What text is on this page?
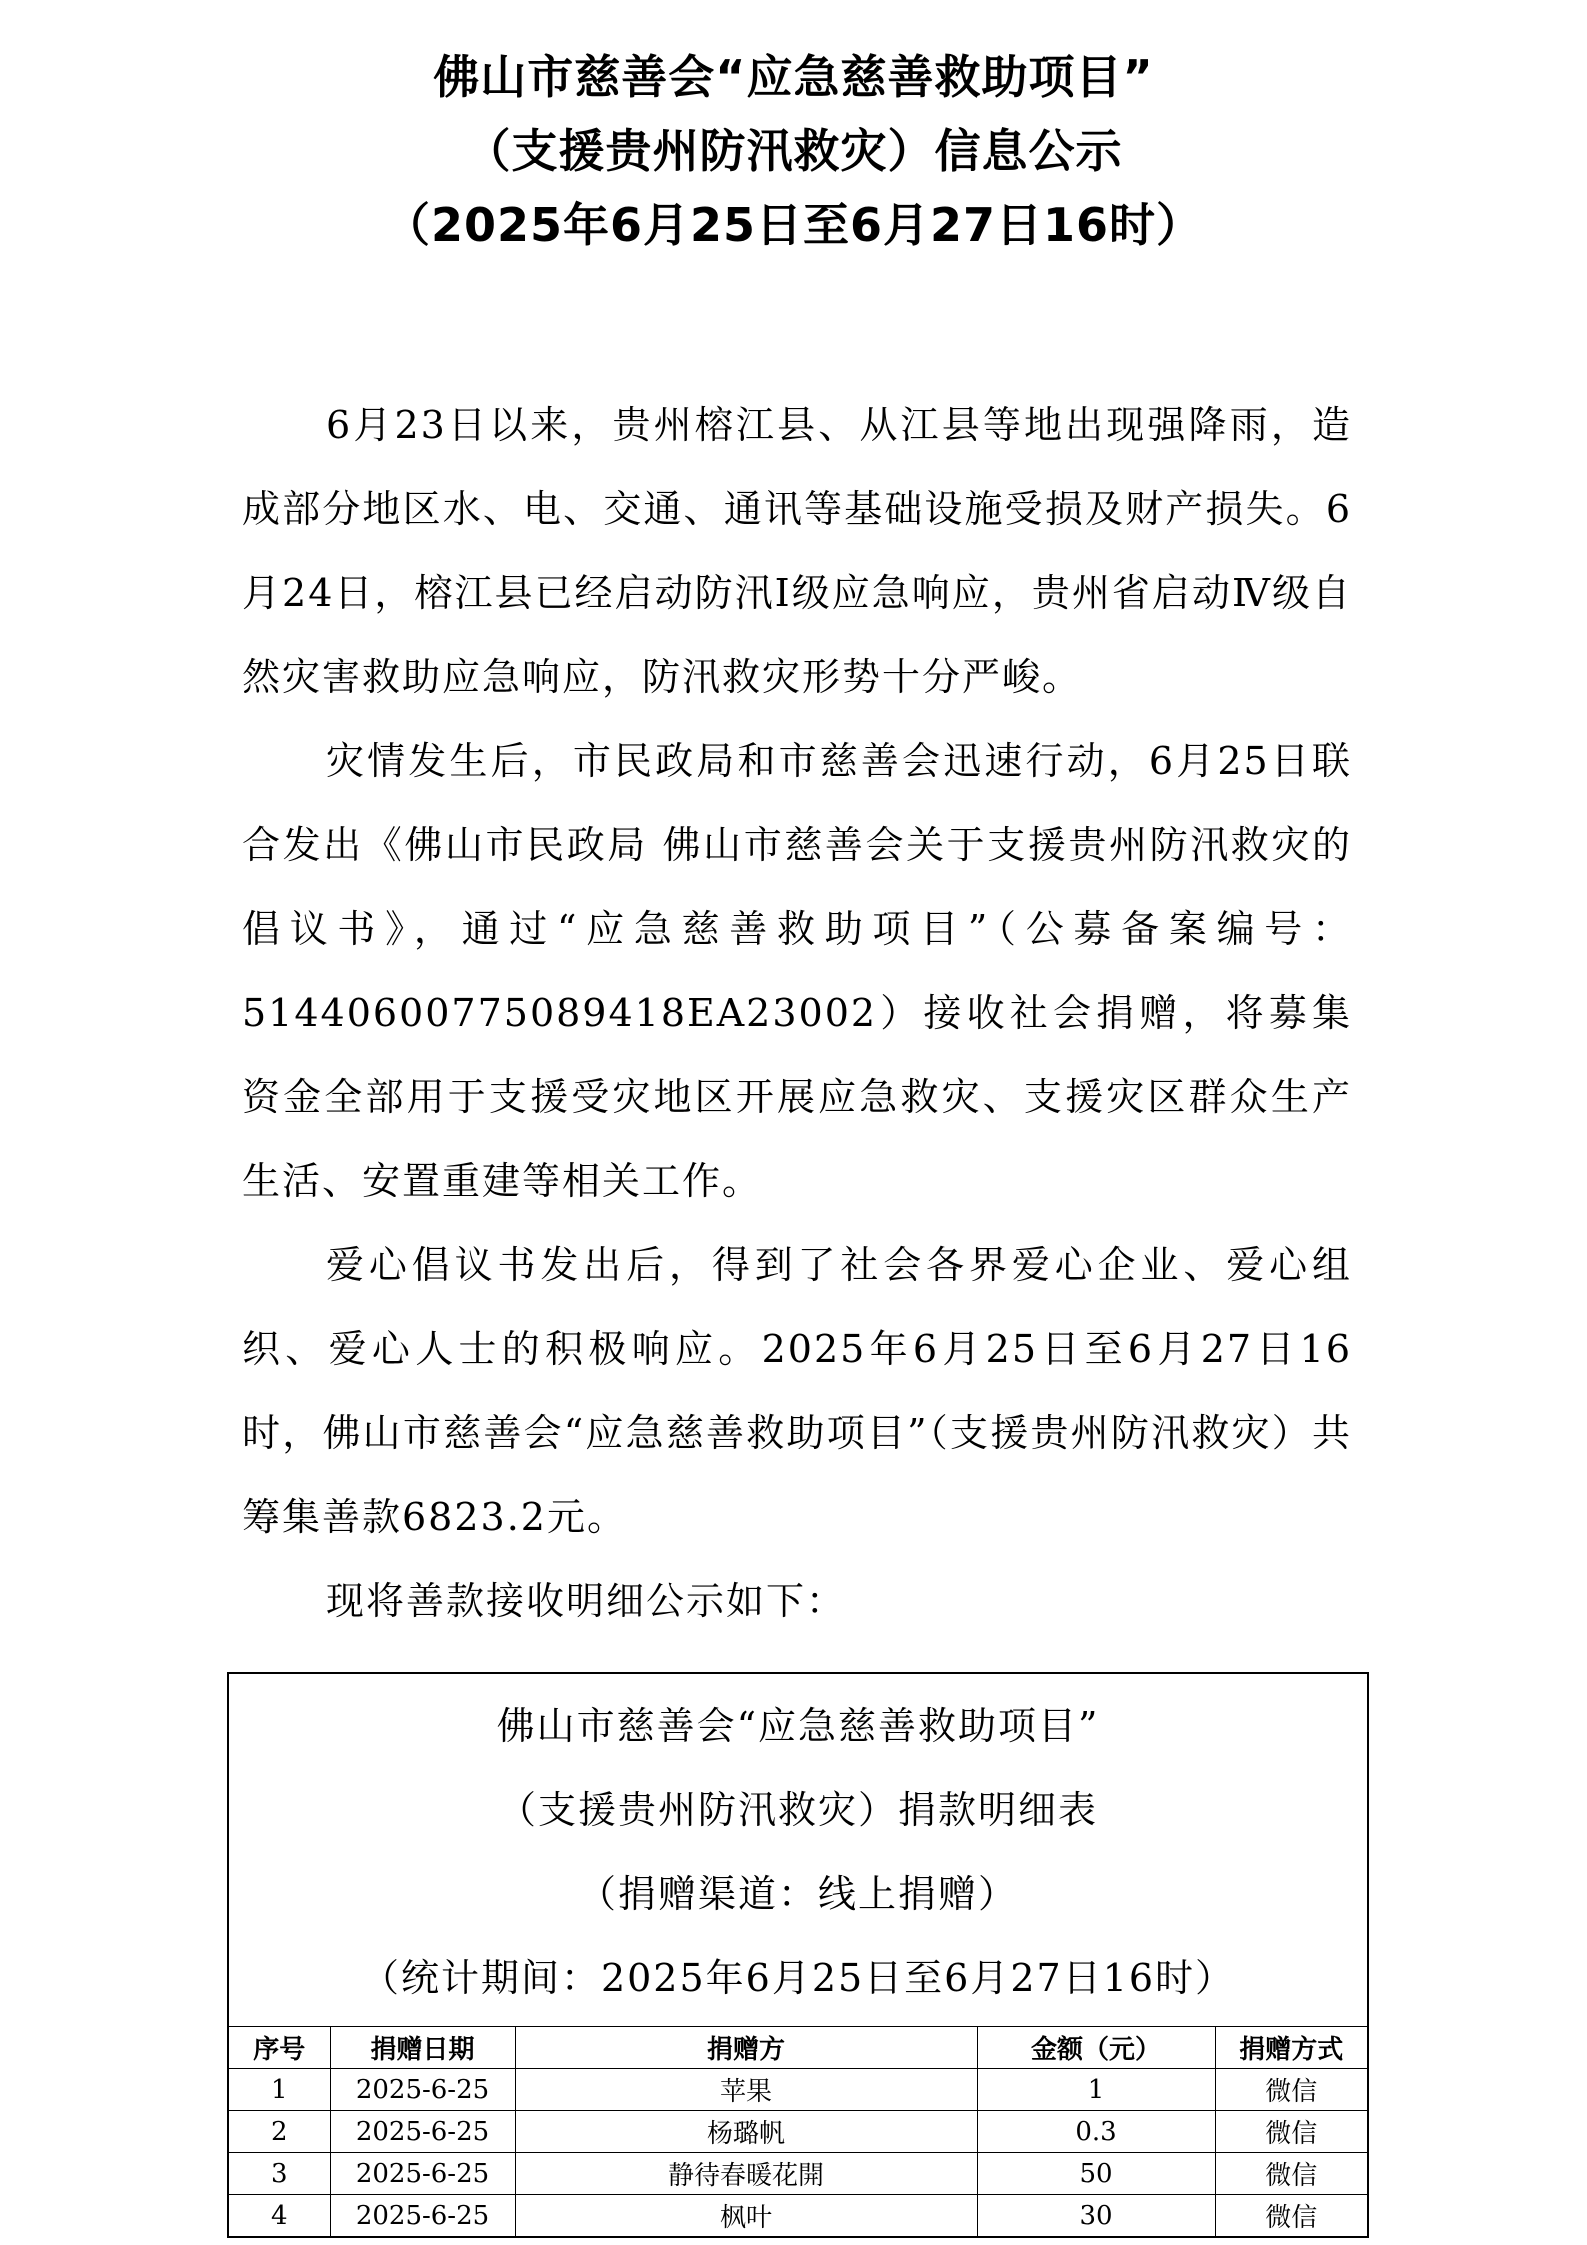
佛山市慈善会“应急慈善救助项目”
（支援贵州防汛救灾）信息公示
（2025年6月25日至6月27日16时）

6月23日以来，贵州榕江县、从江县等地出现强降雨，造成部分地区水、电、交通、通讯等基础设施受损及财产损失。6月24日，榕江县已经启动防汛Ⅰ级应急响应，贵州省启动Ⅳ级自然灾害救助应急响应，防汛救灾形势十分严峻。

灾情发生后，市民政局和市慈善会迅速行动，6月25日联合发出《佛山市民政局 佛山市慈善会关于支援贵州防汛救灾的倡议书》，通过“应急慈善救助项目”（公募备案编号：51440600775089418EA23002）接收社会捐赠，将募集资金全部用于支援受灾地区开展应急救灾、支援灾区群众生产生活、安置重建等相关工作。

爱心倡议书发出后，得到了社会各界爱心企业、爱心组织、爱心人士的积极响应。2025年6月25日至6月27日16时，佛山市慈善会“应急慈善救助项目”（支援贵州防汛救灾）共筹集善款6823.2元。

现将善款接收明细公示如下：

佛山市慈善会“应急慈善救助项目”
（支援贵州防汛救灾）捐款明细表
（捐赠渠道：线上捐赠）
（统计期间：2025年6月25日至6月27日16时）
序号	捐赠日期	捐赠方	金额（元）	捐赠方式
1	2025-6-25	苹果	1	微信
2	2025-6-25	杨璐帆	0.3	微信
3	2025-6-25	静待春暖花開	50	微信
4	2025-6-25	枫叶	30	微信
